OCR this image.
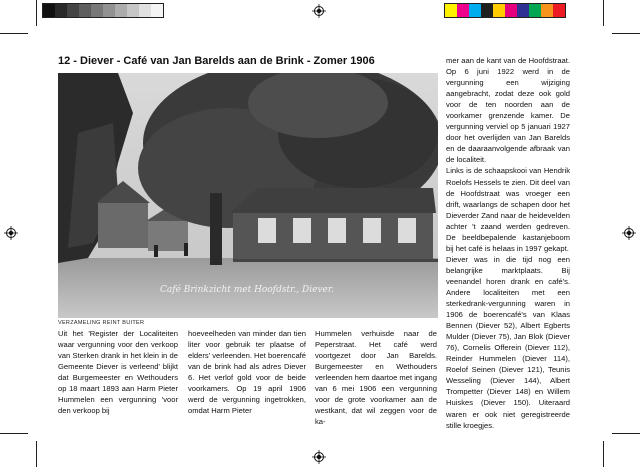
12 - Diever - Café van Jan Barelds aan de Brink - Zomer 1906
Café Brinkzicht met Hoofdstr., Diever.
VERZAMELING REINT BUITER

Uit het 'Register der Localiteiten waar vergunning voor den verkoop van Sterken drank in het klein in de Gemeente Diever is verleend' blijkt dat Burgemeester en Wethouders op 18 maart 1893 aan Harm Pieter Hummelen een vergunning 'voor den verkoop bij

hoeveelheden van minder dan tien liter voor gebruik ter plaatse of elders' verleenden. Het boerencafé van de brink had als adres Diever 6. Het verlof gold voor de beide voorkamers. Op 19 april 1906 werd de vergunning ingetrokken, omdat Harm Pieter

Hummelen verhuisde naar de Peperstraat. Het café werd voortgezet door Jan Barelds. Burgemeester en Wethouders verleenden hem daartoe met ingang van 6 mei 1906 een vergunning voor de grote voorkamer aan de westkant, dat wil zeggen voor de ka-

mer aan de kant van de Hoofdstraat. Op 6 juni 1922 werd in de vergunning een wijziging aangebracht, zodat deze ook gold voor de ten noorden aan de voorkamer grenzende kamer. De vergunning verviel op 5 januari 1927 door het overlijden van Jan Barelds en de daaraanvolgende afbraak van de localiteit.

Links is de schaapskooi van Hendrik Roelofs Hessels te zien. Dit deel van de Hoofdstraat was vroeger een drift, waarlangs de schapen door het Dieverder Zand naar de heidevelden achter 't zaand werden gedreven. De beeldbepalende kastanjeboom bij het café is helaas in 1997 gekapt.

Diever was in die tijd nog een belangrijke marktplaats. Bij veenandel horen drank en café's. Andere localiteiten met een sterkedrank-vergunning waren in 1906 de boerencafé's van Klaas Bennen (Diever 52), Albert Egberts Mulder (Diever 75), Jan Blok (Diever 76), Cornelis Offerein (Diever 112), Reinder Hummelen (Diever 114), Roelof Seinen (Diever 121), Teunis Wesseling (Diever 144), Albert Trompetter (Diever 148) en Willem Huiskes (Diever 150). Uiteraard waren er ook niet geregistreerde stille kroegjes.
